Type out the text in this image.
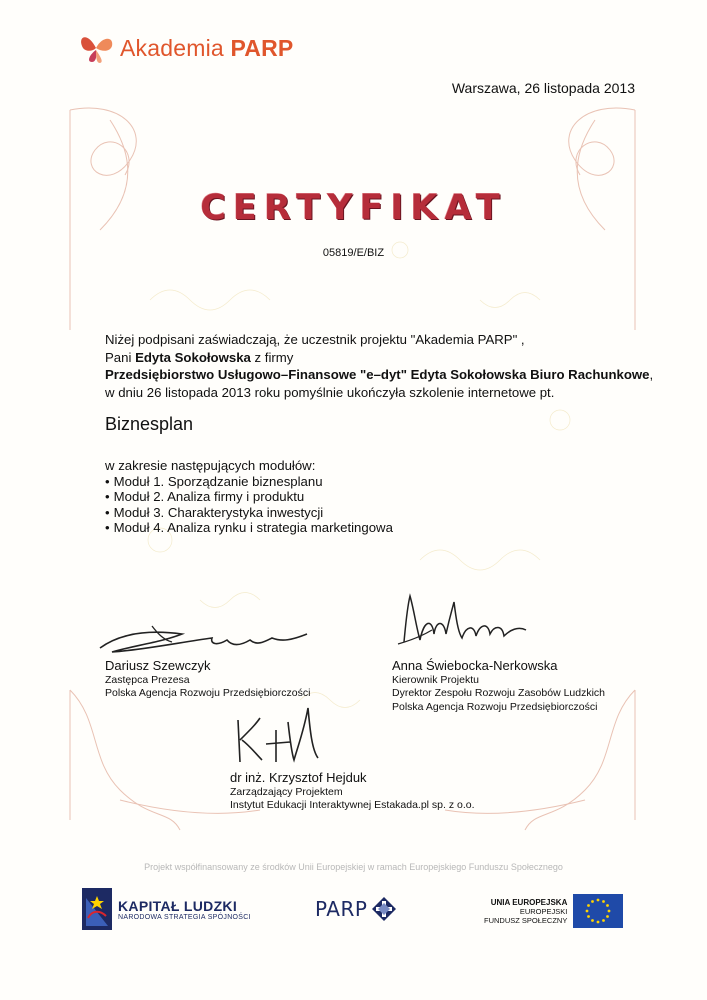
Akademia PARP
Warszawa, 26 listopada 2013
CERTYFIKAT
05819/E/BIZ
Niżej podpisani zaświadczają, że uczestnik projektu "Akademia PARP" ,
Pani Edyta Sokołowska z firmy
Przedsiębiorstwo Usługowo–Finansowe "e–dyt" Edyta Sokołowska Biuro Rachunkowe,
w dniu 26 listopada 2013 roku pomyślnie ukończyła szkolenie internetowe pt.
Biznesplan
w zakresie następujących modułów:
• Moduł 1. Sporządzanie biznesplanu
• Moduł 2. Analiza firmy i produktu
• Moduł 3. Charakterystyka inwestycji
• Moduł 4. Analiza rynku i strategia marketingowa
Dariusz Szewczyk
Zastępca Prezesa
Polska Agencja Rozwoju Przedsiębiorczości
Anna Świebocka-Nerkowska
Kierownik Projektu
Dyrektor Zespołu Rozwoju Zasobów Ludzkich
Polska Agencja Rozwoju Przedsiębiorczości
dr inż. Krzysztof Hejduk
Zarządzający Projektem
Instytut Edukacji Interaktywnej Estakada.pl sp. z o.o.
Projekt współfinansowany ze środków Unii Europejskiej w ramach Europejskiego Funduszu Społecznego
KAPITAŁ LUDZKI
NARODOWA STRATEGIA SPÓJNOŚCI	PARP	UNIA EUROPEJSKA
EUROPEJSKI
FUNDUSZ SPOŁECZNY
